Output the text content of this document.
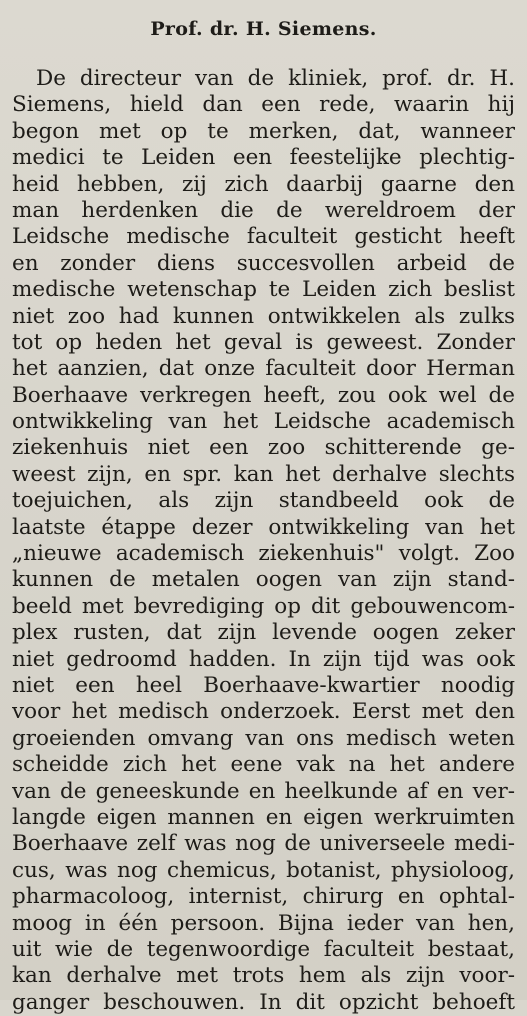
Prof. dr. H. Siemens.
De directeur van de kliniek, prof. dr. H.
Siemens, hield dan een rede, waarin hij
begon met op te merken, dat, wanneer
medici te Leiden een feestelijke plechtig-
heid hebben, zij zich daarbij gaarne den
man herdenken die de wereldroem der
Leidsche medische faculteit gesticht heeft
en zonder diens succesvollen arbeid de
medische wetenschap te Leiden zich beslist
niet zoo had kunnen ontwikkelen als zulks
tot op heden het geval is geweest. Zonder
het aanzien, dat onze faculteit door Herman
Boerhaave verkregen heeft, zou ook wel de
ontwikkeling van het Leidsche academisch
ziekenhuis niet een zoo schitterende ge-
weest zijn, en spr. kan het derhalve slechts
toejuichen, als zijn standbeeld ook de
laatste étappe dezer ontwikkeling van het
„nieuwe academisch ziekenhuis" volgt. Zoo
kunnen de metalen oogen van zijn stand-
beeld met bevrediging op dit gebouwencom-
plex rusten, dat zijn levende oogen zeker
niet gedroomd hadden. In zijn tijd was ook
niet een heel Boerhaave-kwartier noodig
voor het medisch onderzoek. Eerst met den
groeienden omvang van ons medisch weten
scheidde zich het eene vak na het andere
van de geneeskunde en heelkunde af en ver-
langde eigen mannen en eigen werkruimten
Boerhaave zelf was nog de universeele medi-
cus, was nog chemicus, botanist, physioloog,
pharmacoloog, internist, chirurg en ophtal-
moog in één persoon. Bijna ieder van hen,
uit wie de tegenwoordige faculteit bestaat,
kan derhalve met trots hem als zijn voor-
ganger beschouwen. In dit opzicht behoeft
